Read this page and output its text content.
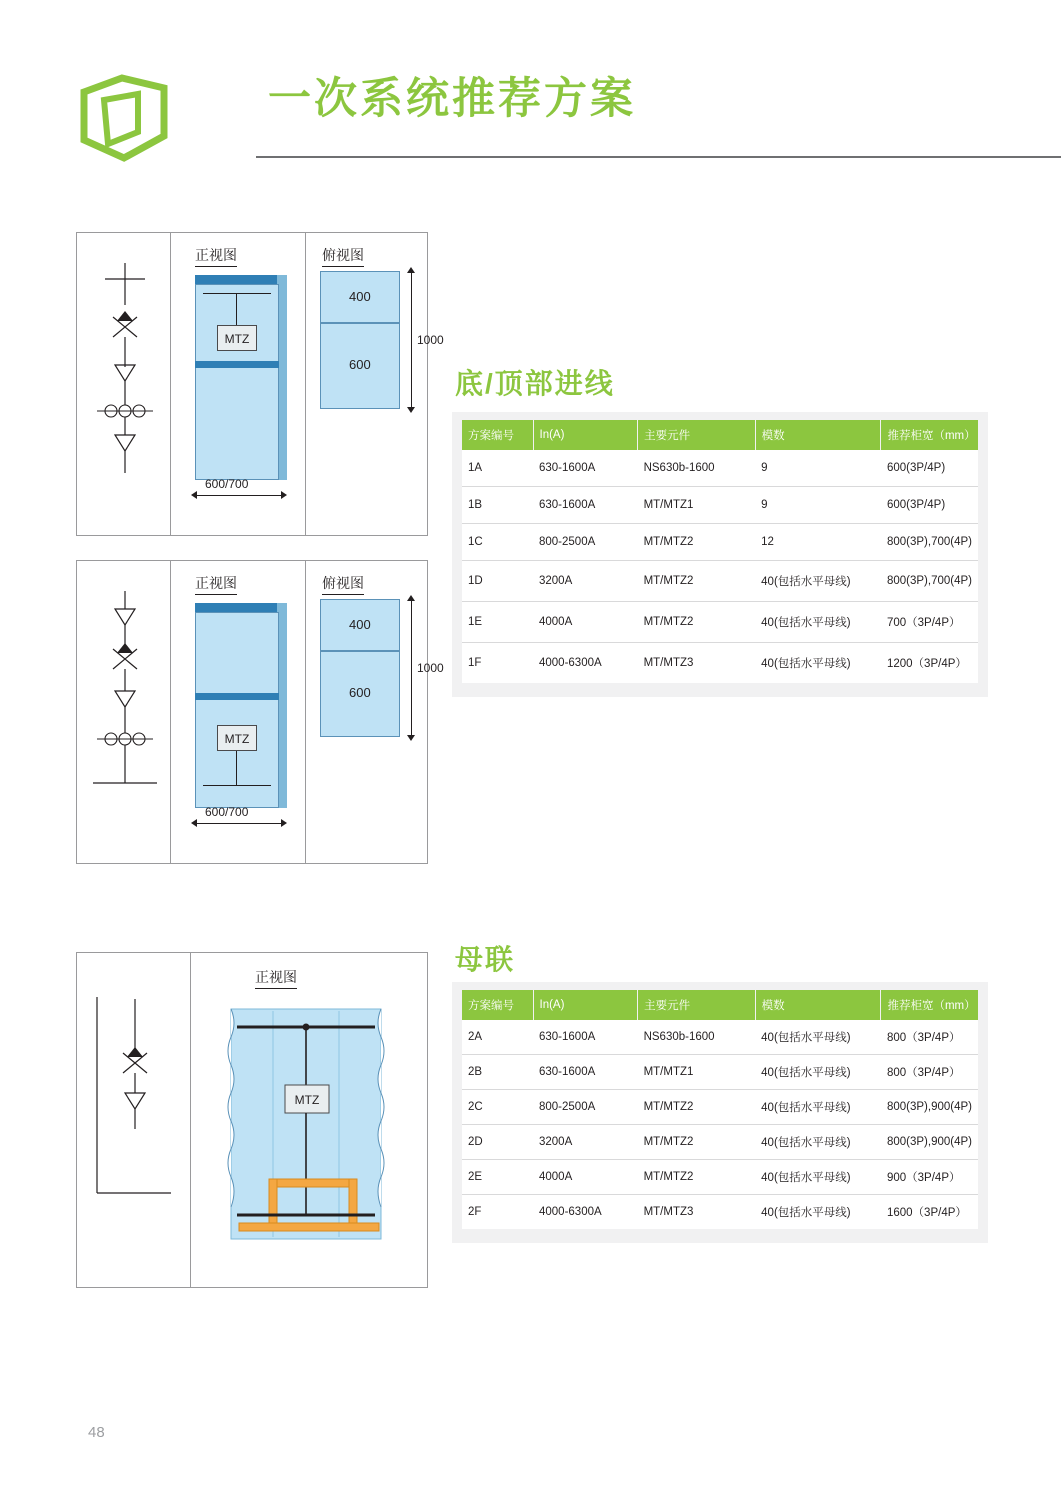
一次系统推荐方案
正视图	俯视图
MTZ
600/700
400
600
1000
正视图	俯视图
MTZ
600/700
400
600
1000
正视图
MTZ
底/顶部进线
方案编号	In(A)	主要元件	模数	推荐柜宽（mm）
1A	630-1600A	NS630b-1600	9	600(3P/4P)
1B	630-1600A	MT/MTZ1	9	600(3P/4P)
1C	800-2500A	MT/MTZ2	12	800(3P),700(4P)
1D	3200A	MT/MTZ2	40(包括水平母线)	800(3P),700(4P)
1E	4000A	MT/MTZ2	40(包括水平母线)	700（3P/4P）
1F	4000-6300A	MT/MTZ3	40(包括水平母线)	1200（3P/4P）
母联
方案编号	In(A)	主要元件	模数	推荐柜宽（mm）
2A	630-1600A	NS630b-1600	40(包括水平母线)	800（3P/4P）
2B	630-1600A	MT/MTZ1	40(包括水平母线)	800（3P/4P）
2C	800-2500A	MT/MTZ2	40(包括水平母线)	800(3P),900(4P)
2D	3200A	MT/MTZ2	40(包括水平母线)	800(3P),900(4P)
2E	4000A	MT/MTZ2	40(包括水平母线)	900（3P/4P）
2F	4000-6300A	MT/MTZ3	40(包括水平母线)	1600（3P/4P）
48
